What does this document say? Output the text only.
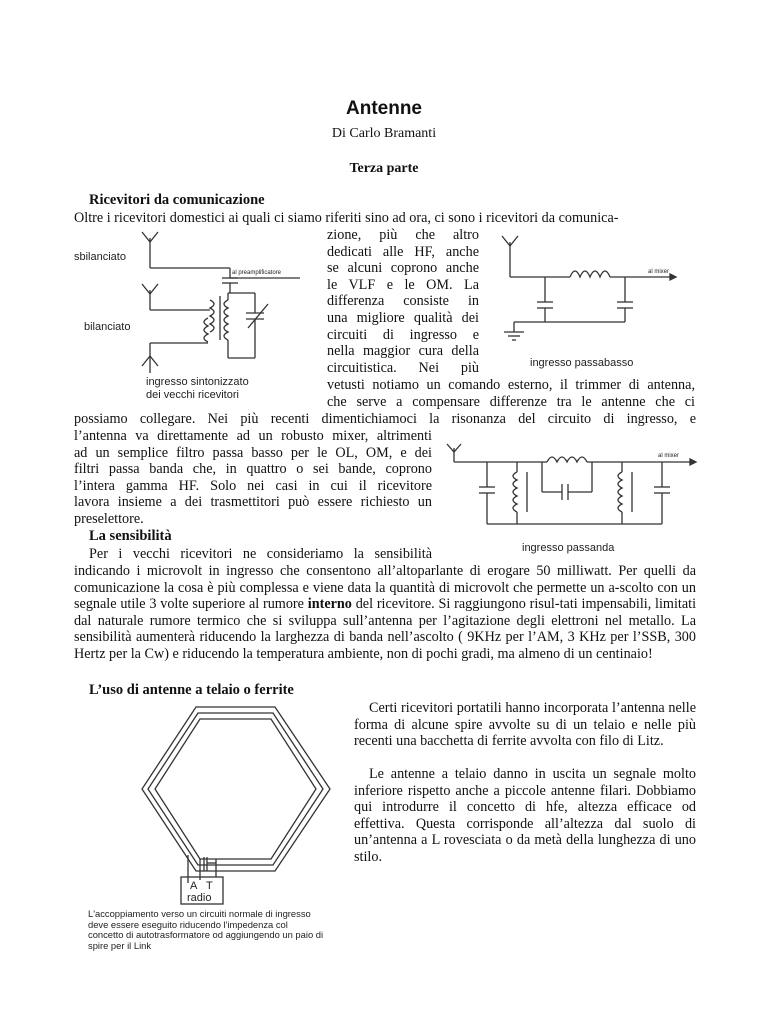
Antenne
Di Carlo Bramanti
Terza parte
Ricevitori da comunicazione
Oltre i ricevitori domestici ai quali ci siamo riferiti sino ad ora, ci sono i ricevitori da comunica-
zione, più che altro
dedicati alle HF, anche
se alcuni coprono anche
le VLF e le OM. La
differenza consiste in
una migliore qualità dei
circuiti di ingresso e
nella maggior cura della
circuitistica. Nei più
vetusti notiamo un comando esterno, il trimmer di antenna,
che serve a compensare differenze tra le antenne che ci
possiamo collegare. Nei più recenti dimentichiamoci la risonanza del circuito di ingresso, e
l’antenna va direttamente ad un robusto mixer, altrimenti
ad un semplice filtro passa basso per le OL, OM, e dei
filtri passa banda che, in quattro o sei bande, coprono
l’intera gamma HF. Solo nei casi in cui il ricevitore
lavora insieme a dei trasmettitori può essere richiesto un
preselettore.
La sensibilità
Per i vecchi ricevitori ne consideriamo la sensibilità
indicando i microvolt in ingresso che consentono all’altoparlante di erogare 50 milliwatt. Per quelli da comunicazione la cosa è più complessa e viene data la quantità di microvolt che permette un a-scolto con un segnale utile 3 volte superiore al rumore interno del ricevitore. Si raggiungono risul-tati impensabili, limitati dal naturale rumore termico che si sviluppa sull’antenna per l’agitazione degli elettroni nel metallo. La sensibilità aumenterà riducendo la larghezza di banda nell’ascolto ( 9KHz per l’AM, 3 KHz per l’SSB, 300 Hertz per la Cw) e riducendo la temperatura ambiente, non di pochi gradi, ma almeno di un centinaio!
L’uso di antenne a telaio o ferrite
Certi ricevitori portatili hanno incorporata l’antenna nelle forma di alcune spire avvolte su di un telaio e nelle più recenti una bacchetta di ferrite avvolta con filo di Litz.
Le antenne a telaio danno in uscita un segnale molto inferiore rispetto anche a piccole antenne filari. Dobbiamo qui introdurre il concetto di hfe, altezza efficace od effettiva. Questa corrisponde all’altezza dal suolo di un’antenna a L rovesciata o da metà della lunghezza di uno stilo.
sbilanciato
bilanciato
al preamplificatore
ingresso sintonizzato
dei vecchi ricevitori
al mixer
ingresso passabasso
al mixer
ingresso passanda
A T
radio
L'accoppiamento verso un circuiti normale di ingresso
deve essere eseguito riducendo l'impedenza col
concetto di autotrasformatore od aggiungendo un paio di
spire per il Link
